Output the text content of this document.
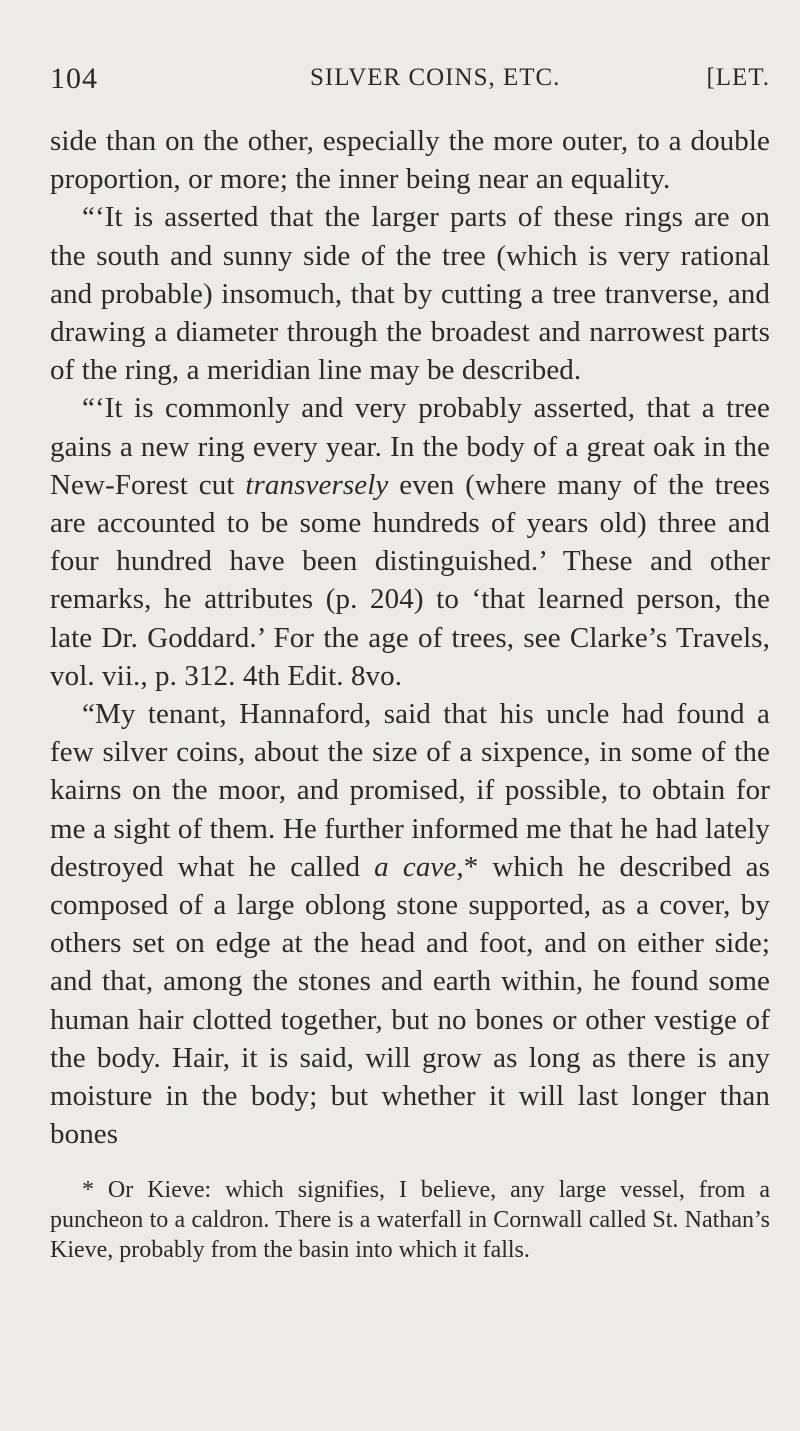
104	SILVER COINS, ETC.	[LET.

side than on the other, especially the more outer, to a double proportion, or more; the inner being near an equality.

“‘It is asserted that the larger parts of these rings are on the south and sunny side of the tree (which is very rational and probable) insomuch, that by cutting a tree tranverse, and drawing a diameter through the broadest and narrowest parts of the ring, a meridian line may be described.

“‘It is commonly and very probably asserted, that a tree gains a new ring every year. In the body of a great oak in the New-Forest cut transversely even (where many of the trees are accounted to be some hundreds of years old) three and four hundred have been distinguished.’ These and other remarks, he attributes (p. 204) to ‘that learned person, the late Dr. Goddard.’ For the age of trees, see Clarke’s Travels, vol. vii., p. 312. 4th Edit. 8vo.

“My tenant, Hannaford, said that his uncle had found a few silver coins, about the size of a sixpence, in some of the kairns on the moor, and promised, if possible, to obtain for me a sight of them. He further informed me that he had lately destroyed what he called a cave,* which he described as composed of a large oblong stone supported, as a cover, by others set on edge at the head and foot, and on either side; and that, among the stones and earth within, he found some human hair clotted together, but no bones or other vestige of the body. Hair, it is said, will grow as long as there is any moisture in the body; but whether it will last longer than bones

* Or Kieve: which signifies, I believe, any large vessel, from a puncheon to a caldron. There is a waterfall in Cornwall called St. Nathan’s Kieve, probably from the basin into which it falls.
